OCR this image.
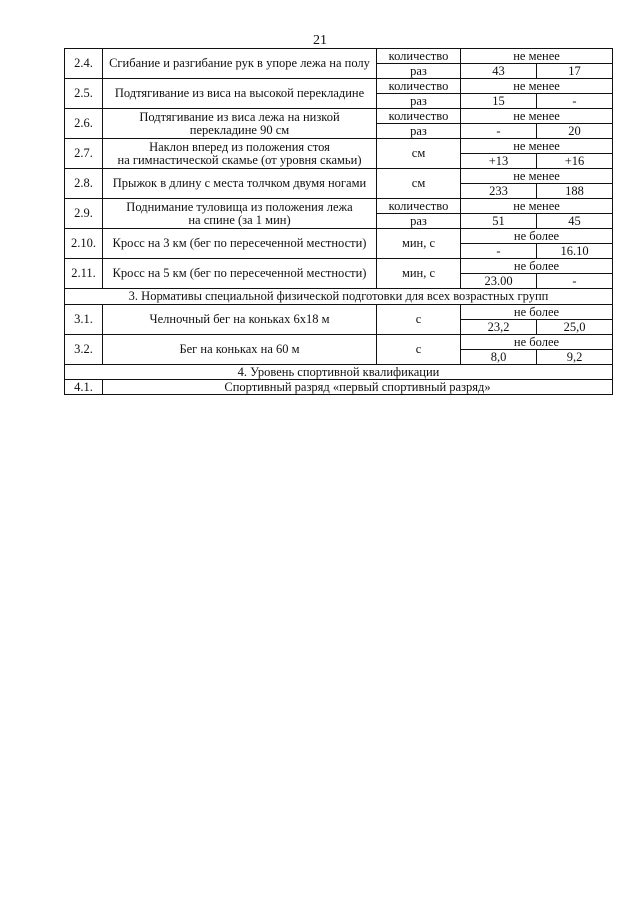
21
2.4.	Сгибание и разгибание рук в упоре лежа на полу	количество	не менее	
		раз	43	17
2.5.	Подтягивание из виса на высокой перекладине	количество	не менее	
		раз	15	-
2.6.	Подтягивание из виса лежа на низкой
перекладине 90 см	количество	не менее	
		раз	-	20
2.7.	Наклон вперед из положения стоя
на гимнастической скамье (от уровня скамьи)	см	не менее	
			+13	+16
2.8.	Прыжок в длину с места толчком двумя ногами	см	не менее	
			233	188
2.9.	Поднимание туловища из положения лежа
на спине (за 1 мин)	количество	не менее	
		раз	51	45
2.10.	Кросс на 3 км (бег по пересеченной местности)	мин, с	не более	
			-	16.10
2.11.	Кросс на 5 км (бег по пересеченной местности)	мин, с	не более	
			23.00	-
3. Нормативы специальной физической подготовки для всех возрастных групп				
3.1.	Челночный бег на коньках 6х18 м	с	не более	
			23,2	25,0
3.2.	Бег на коньках на 60 м	с	не более	
			8,0	9,2
4. Уровень спортивной квалификации				
4.1.	Спортивный разряд «первый спортивный разряд»			
